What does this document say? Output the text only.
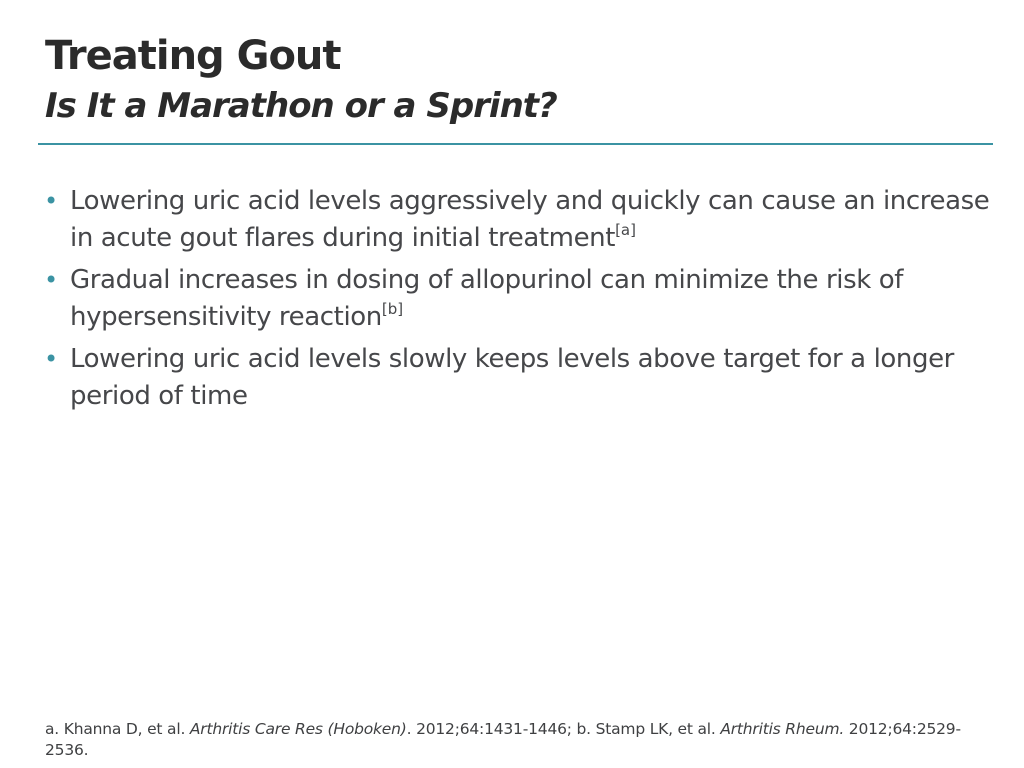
Treating Gout
Is It a Marathon or a Sprint?
• Lowering uric acid levels aggressively and quickly can cause an increase in acute gout flares during initial treatment[a]
• Gradual increases in dosing of allopurinol can minimize the risk of hypersensitivity reaction[b]
• Lowering uric acid levels slowly keeps levels above target for a longer period of time

a. Khanna D, et al. Arthritis Care Res (Hoboken). 2012;64:1431-1446; b. Stamp LK, et al. Arthritis Rheum. 2012;64:2529-2536.
